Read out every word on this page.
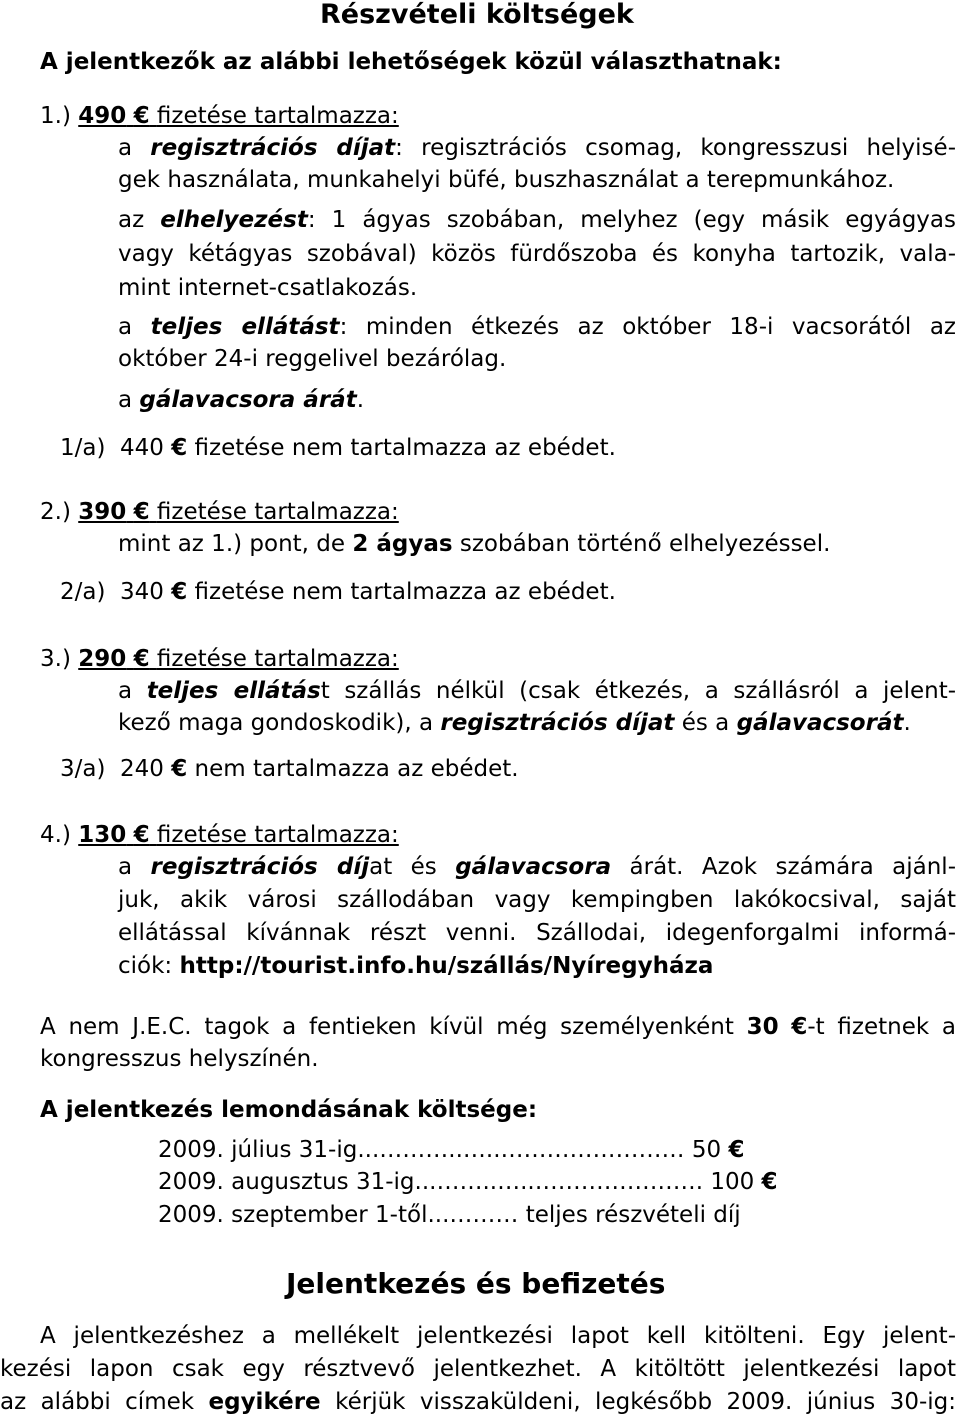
Részvételi költségek
A jelentkezők az alábbi lehetőségek közül választhatnak:
1.) 490 € fizetése tartalmazza:
a regisztrációs díjat: regisztrációs csomag, kongresszusi helyisé-
gek használata, munkahelyi büfé, buszhasználat a terepmunkához.
az elhelyezést: 1 ágyas szobában, melyhez (egy másik egyágyas
vagy kétágyas szobával) közös fürdőszoba és konyha tartozik, vala-
mint internet-csatlakozás.
a teljes ellátást: minden étkezés az október 18-i vacsorától az
október 24-i reggelivel bezárólag.
a gálavacsora árát.
1/a) 440 € fizetése nem tartalmazza az ebédet.
2.) 390 € fizetése tartalmazza:
mint az 1.) pont, de 2 ágyas szobában történő elhelyezéssel.
2/a) 340 € fizetése nem tartalmazza az ebédet.
3.) 290 € fizetése tartalmazza:
a teljes ellátást szállás nélkül (csak étkezés, a szállásról a jelent-
kező maga gondoskodik), a regisztrációs díjat és a gálavacsorát.
3/a) 240 € nem tartalmazza az ebédet.
4.) 130 € fizetése tartalmazza:
a regisztrációs díjat és gálavacsora árát. Azok számára ajánl-
juk, akik városi szállodában vagy kempingben lakókocsival, saját
ellátással kívánnak részt venni. Szállodai, idegenforgalmi informá-
ciók: http://tourist.info.hu/szállás/Nyíregyháza
A nem J.E.C. tagok a fentieken kívül még személyenként 30 €-t fizetnek a
kongresszus helyszínén.
A jelentkezés lemondásának költsége:
2009. július 31-ig...………..…..…………………… 50 €
2009. augusztus 31-ig...……..…..…………………. 100 €
2009. szeptember 1-től...……… teljes részvételi díj
Jelentkezés és befizetés
A jelentkezéshez a mellékelt jelentkezési lapot kell kitölteni. Egy jelent-
kezési lapon csak egy résztvevő jelentkezhet. A kitöltött jelentkezési lapot
az alábbi címek egyikére kérjük visszaküldeni, legkésőbb 2009. június 30-ig:
